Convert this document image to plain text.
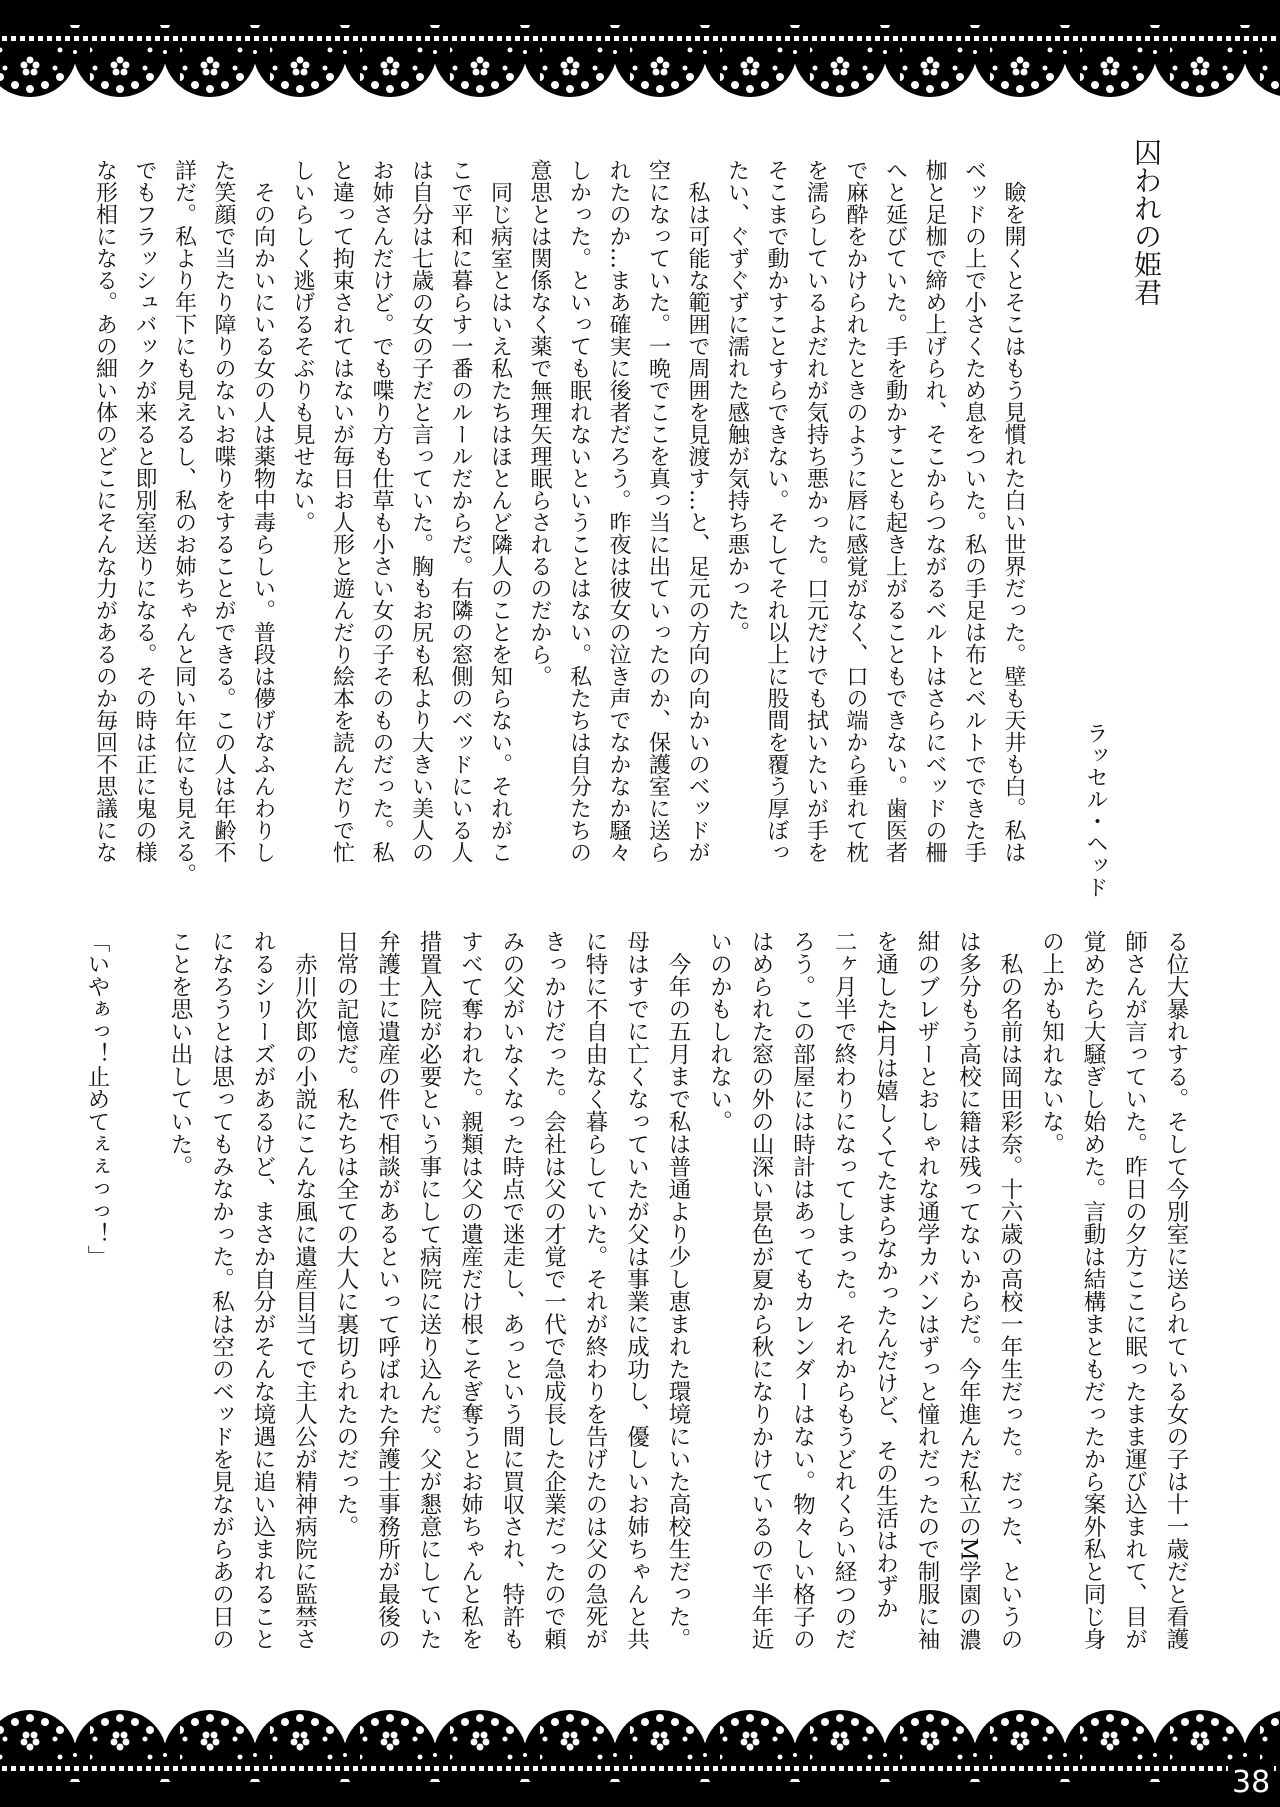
囚われの姫君
ラッセル・ヘッド
　瞼を開くとそこはもう見慣れた白い世界だった。壁も天井も白。私は
ベッドの上で小さくため息をついた。私の手足は布とベルトでできた手
枷と足枷で締め上げられ、そこからつながるベルトはさらにベッドの柵
へと延びていた。手を動かすことも起き上がることもできない。歯医者
で麻酔をかけられたときのように唇に感覚がなく、口の端から垂れて枕
を濡らしているよだれが気持ち悪かった。口元だけでも拭いたいが手を
そこまで動かすことすらできない。そしてそれ以上に股間を覆う厚ぼっ
たい、ぐずぐずに濡れた感触が気持ち悪かった。
　私は可能な範囲で周囲を見渡す…と、足元の方向の向かいのベッドが
空になっていた。一晩でここを真っ当に出ていったのか、保護室に送ら
れたのか…まあ確実に後者だろう。昨夜は彼女の泣き声でなかなか騒々
しかった。といっても眠れないということはない。私たちは自分たちの
意思とは関係なく薬で無理矢理眠らされるのだから。
　同じ病室とはいえ私たちはほとんど隣人のことを知らない。それがこ
こで平和に暮らす一番のルールだからだ。右隣の窓側のベッドにいる人
は自分は七歳の女の子だと言っていた。胸もお尻も私より大きい美人の
お姉さんだけど。でも喋り方も仕草も小さい女の子そのものだった。私
と違って拘束されてはないが毎日お人形と遊んだり絵本を読んだりで忙
しいらしく逃げるそぶりも見せない。
　その向かいにいる女の人は薬物中毒らしい。普段は儚げなふんわりし
た笑顔で当たり障りのないお喋りをすることができる。この人は年齢不
詳だ。私より年下にも見えるし、私のお姉ちゃんと同い年位にも見える。
でもフラッシュバックが来ると即別室送りになる。その時は正に鬼の様
な形相になる。あの細い体のどこにそんな力があるのか毎回不思議にな
る位大暴れする。そして今別室に送られている女の子は十一歳だと看護
師さんが言っていた。昨日の夕方ここに眠ったまま運び込まれて、目が
覚めたら大騒ぎし始めた。言動は結構まともだったから案外私と同じ身
の上かも知れないな。
　私の名前は岡田彩奈。十六歳の高校一年生だった。だった、というの
は多分もう高校に籍は残ってないからだ。今年進んだ私立のM学園の濃
紺のブレザーとおしゃれな通学カバンはずっと憧れだったので制服に袖
を通した4月は嬉しくてたまらなかったんだけど、その生活はわずか
二ヶ月半で終わりになってしまった。それからもうどれくらい経つのだ
ろう。この部屋には時計はあってもカレンダーはない。物々しい格子の
はめられた窓の外の山深い景色が夏から秋になりかけているので半年近
いのかもしれない。
　今年の五月まで私は普通より少し恵まれた環境にいた高校生だった。
母はすでに亡くなっていたが父は事業に成功し、優しいお姉ちゃんと共
に特に不自由なく暮らしていた。それが終わりを告げたのは父の急死が
きっかけだった。会社は父の才覚で一代で急成長した企業だったので頼
みの父がいなくなった時点で迷走し、あっという間に買収され、特許も
すべて奪われた。親類は父の遺産だけ根こそぎ奪うとお姉ちゃんと私を
措置入院が必要という事にして病院に送り込んだ。父が懇意にしていた
弁護士に遺産の件で相談があるといって呼ばれた弁護士事務所が最後の
日常の記憶だ。私たちは全ての大人に裏切られたのだった。
　赤川次郎の小説にこんな風に遺産目当てで主人公が精神病院に監禁さ
れるシリーズがあるけど、まさか自分がそんな境遇に追い込まれること
になろうとは思ってもみなかった。私は空のベッドを見ながらあの日の
ことを思い出していた。
「いやぁっ！止めてぇぇっっ！」
38
